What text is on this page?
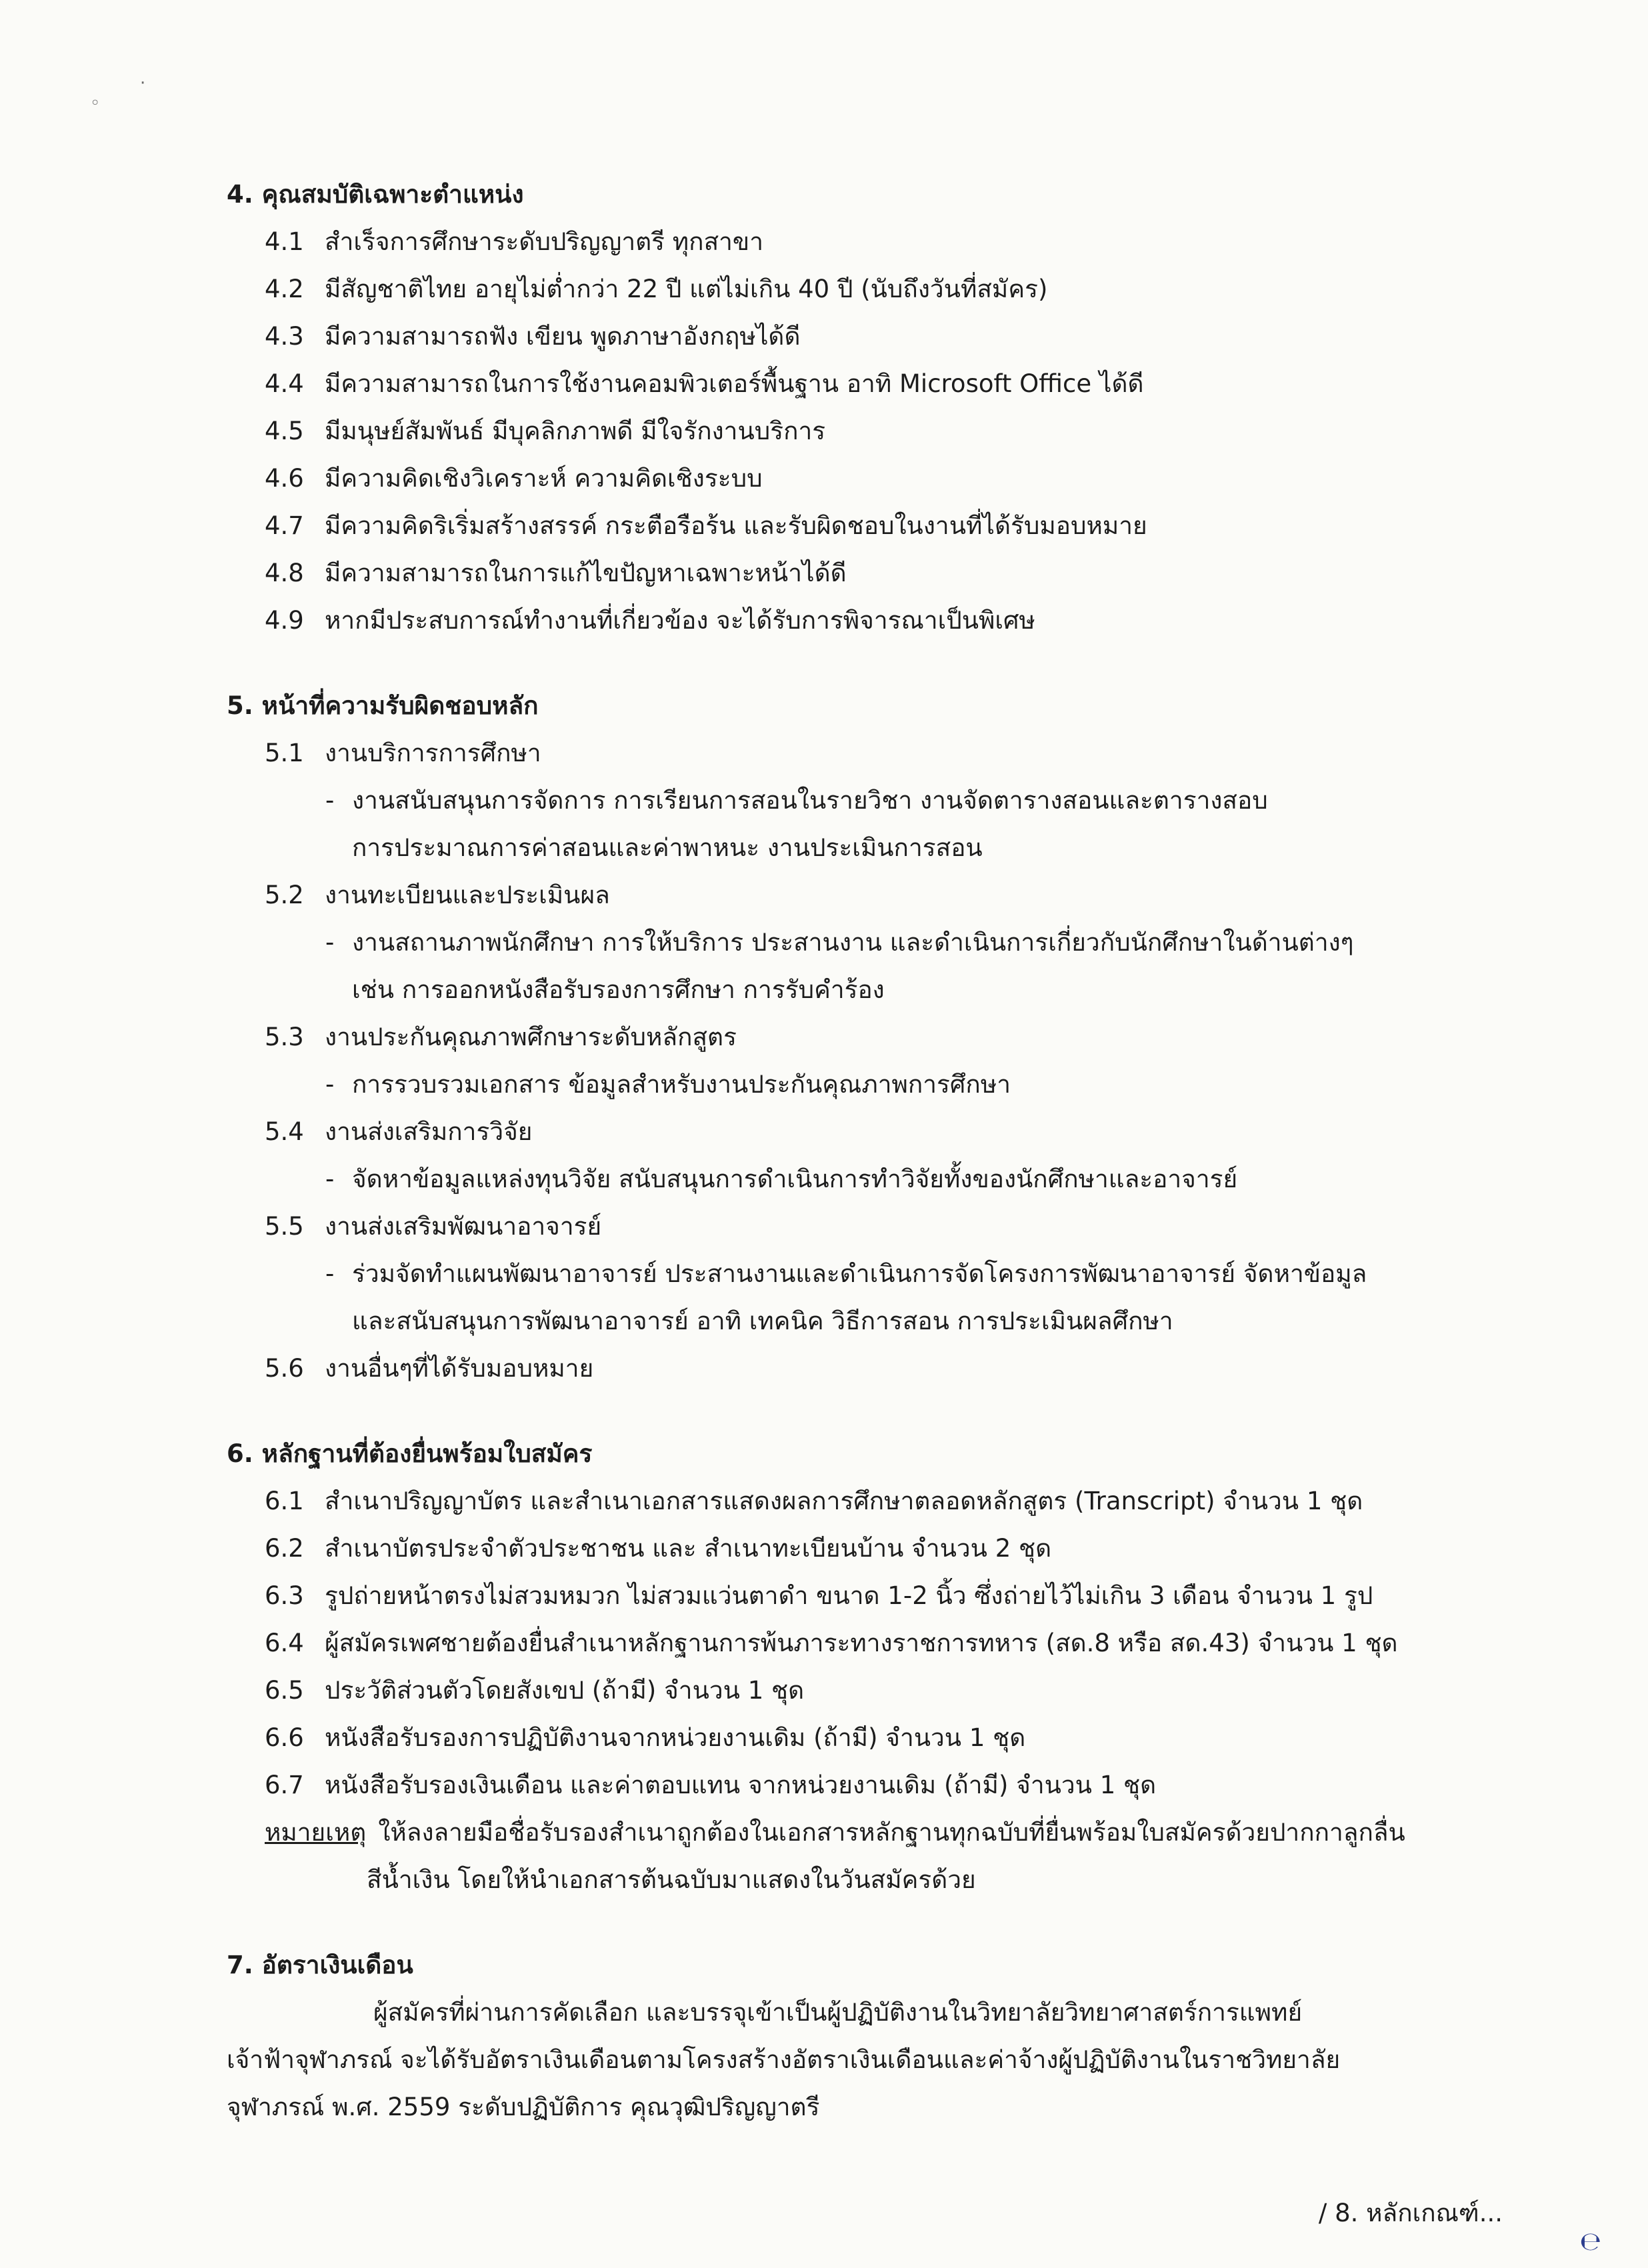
◦
·
4. คุณสมบัติเฉพาะตำแหน่ง
4.1 สำเร็จการศึกษาระดับปริญญาตรี ทุกสาขา
4.2 มีสัญชาติไทย อายุไม่ต่ำกว่า 22 ปี แต่ไม่เกิน 40 ปี (นับถึงวันที่สมัคร)
4.3 มีความสามารถฟัง เขียน พูดภาษาอังกฤษได้ดี
4.4 มีความสามารถในการใช้งานคอมพิวเตอร์พื้นฐาน อาทิ Microsoft Office ได้ดี
4.5 มีมนุษย์สัมพันธ์ มีบุคลิกภาพดี มีใจรักงานบริการ
4.6 มีความคิดเชิงวิเคราะห์ ความคิดเชิงระบบ
4.7 มีความคิดริเริ่มสร้างสรรค์ กระตือรือร้น และรับผิดชอบในงานที่ได้รับมอบหมาย
4.8 มีความสามารถในการแก้ไขปัญหาเฉพาะหน้าได้ดี
4.9 หากมีประสบการณ์ทำงานที่เกี่ยวข้อง จะได้รับการพิจารณาเป็นพิเศษ
5. หน้าที่ความรับผิดชอบหลัก
5.1 งานบริการการศึกษา
- งานสนับสนุนการจัดการ การเรียนการสอนในรายวิชา งานจัดตารางสอนและตารางสอบ
การประมาณการค่าสอนและค่าพาหนะ งานประเมินการสอน
5.2 งานทะเบียนและประเมินผล
- งานสถานภาพนักศึกษา การให้บริการ ประสานงาน และดำเนินการเกี่ยวกับนักศึกษาในด้านต่างๆ
เช่น การออกหนังสือรับรองการศึกษา การรับคำร้อง
5.3 งานประกันคุณภาพศึกษาระดับหลักสูตร
- การรวบรวมเอกสาร ข้อมูลสำหรับงานประกันคุณภาพการศึกษา
5.4 งานส่งเสริมการวิจัย
- จัดหาข้อมูลแหล่งทุนวิจัย สนับสนุนการดำเนินการทำวิจัยทั้งของนักศึกษาและอาจารย์
5.5 งานส่งเสริมพัฒนาอาจารย์
- ร่วมจัดทำแผนพัฒนาอาจารย์ ประสานงานและดำเนินการจัดโครงการพัฒนาอาจารย์ จัดหาข้อมูล
และสนับสนุนการพัฒนาอาจารย์ อาทิ เทคนิค วิธีการสอน การประเมินผลศึกษา
5.6 งานอื่นๆที่ได้รับมอบหมาย
6. หลักฐานที่ต้องยื่นพร้อมใบสมัคร
6.1 สำเนาปริญญาบัตร และสำเนาเอกสารแสดงผลการศึกษาตลอดหลักสูตร (Transcript) จำนวน 1 ชุด
6.2 สำเนาบัตรประจำตัวประชาชน และ สำเนาทะเบียนบ้าน จำนวน 2 ชุด
6.3 รูปถ่ายหน้าตรงไม่สวมหมวก ไม่สวมแว่นตาดำ ขนาด 1-2 นิ้ว ซึ่งถ่ายไว้ไม่เกิน 3 เดือน จำนวน 1 รูป
6.4 ผู้สมัครเพศชายต้องยื่นสำเนาหลักฐานการพ้นภาระทางราชการทหาร (สด.8 หรือ สด.43) จำนวน 1 ชุด
6.5 ประวัติส่วนตัวโดยสังเขป (ถ้ามี) จำนวน 1 ชุด
6.6 หนังสือรับรองการปฏิบัติงานจากหน่วยงานเดิม (ถ้ามี) จำนวน 1 ชุด
6.7 หนังสือรับรองเงินเดือน และค่าตอบแทน จากหน่วยงานเดิม (ถ้ามี) จำนวน 1 ชุด
หมายเหตุ ให้ลงลายมือชื่อรับรองสำเนาถูกต้องในเอกสารหลักฐานทุกฉบับที่ยื่นพร้อมใบสมัครด้วยปากกาลูกลื่น
สีน้ำเงิน โดยให้นำเอกสารต้นฉบับมาแสดงในวันสมัครด้วย
7. อัตราเงินเดือน
ผู้สมัครที่ผ่านการคัดเลือก และบรรจุเข้าเป็นผู้ปฏิบัติงานในวิทยาลัยวิทยาศาสตร์การแพทย์
เจ้าฟ้าจุฬาภรณ์ จะได้รับอัตราเงินเดือนตามโครงสร้างอัตราเงินเดือนและค่าจ้างผู้ปฏิบัติงานในราชวิทยาลัย
จุฬาภรณ์ พ.ศ. 2559 ระดับปฏิบัติการ คุณวุฒิปริญญาตรี
/ 8. หลักเกณฑ์...
℮
